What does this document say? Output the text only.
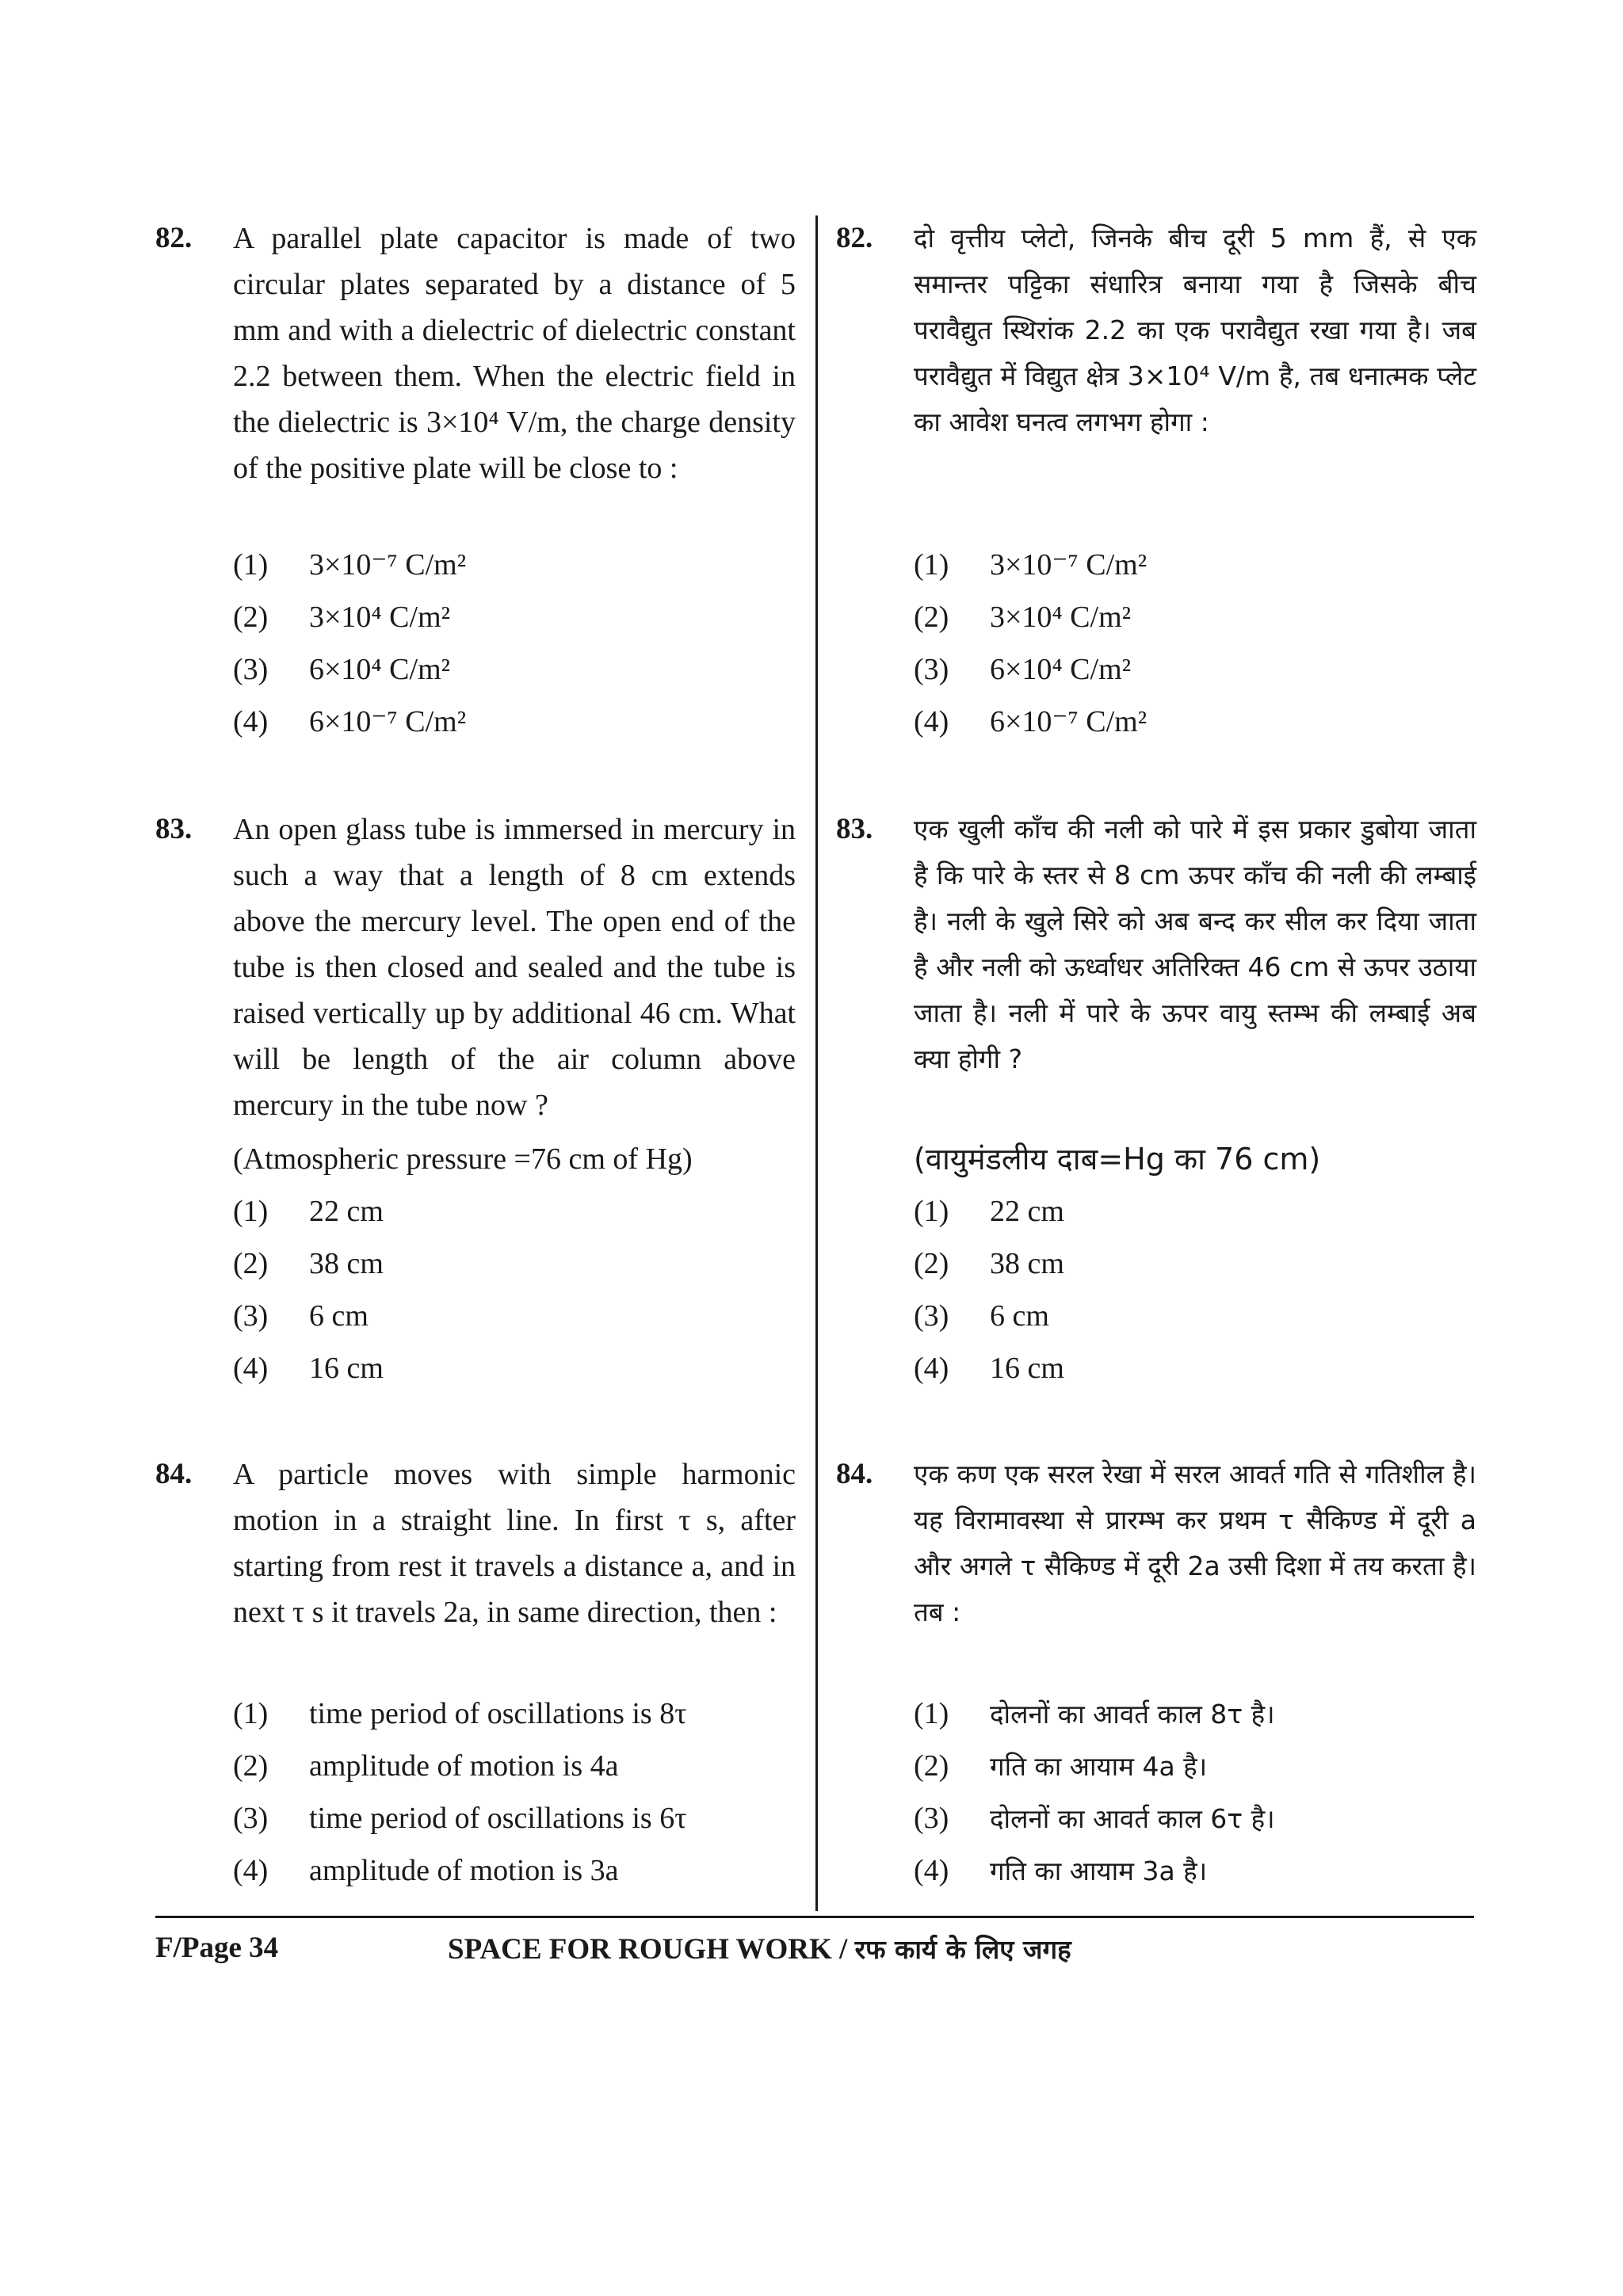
82. A parallel plate capacitor is made of two circular plates separated by a distance of 5 mm and with a dielectric of dielectric constant 2.2 between them. When the electric field in the dielectric is 3×10⁴ V/m, the charge density of the positive plate will be close to :

(1) 3×10⁻⁷ C/m²
(2) 3×10⁴ C/m²
(3) 6×10⁴ C/m²
(4) 6×10⁻⁷ C/m²
83. An open glass tube is immersed in mercury in such a way that a length of 8 cm extends above the mercury level. The open end of the tube is then closed and sealed and the tube is raised vertically up by additional 46 cm. What will be length of the air column above mercury in the tube now ?

(Atmospheric pressure =76 cm of Hg)
(1) 22 cm
(2) 38 cm
(3) 6 cm
(4) 16 cm
84. A particle moves with simple harmonic motion in a straight line. In first τ s, after starting from rest it travels a distance a, and in next τ s it travels 2a, in same direction, then :

(1) time period of oscillations is 8τ
(2) amplitude of motion is 4a
(3) time period of oscillations is 6τ
(4) amplitude of motion is 3a
82. दो वृत्तीय प्लेटो, जिनके बीच दूरी 5 mm हैं, से एक समान्तर पट्टिका संधारित्र बनाया गया है जिसके बीच परावैद्युत स्थिरांक 2.2 का एक परावैद्युत रखा गया है। जब परावैद्युत में विद्युत क्षेत्र 3×10⁴ V/m है, तब धनात्मक प्लेट का आवेश घनत्व लगभग होगा :

(1) 3×10⁻⁷ C/m²
(2) 3×10⁴ C/m²
(3) 6×10⁴ C/m²
(4) 6×10⁻⁷ C/m²
83. एक खुली काँच की नली को पारे में इस प्रकार डुबोया जाता है कि पारे के स्तर से 8 cm ऊपर काँच की नली की लम्बाई है। नली के खुले सिरे को अब बन्द कर सील कर दिया जाता है और नली को ऊर्ध्वाधर अतिरिक्त 46 cm से ऊपर उठाया जाता है। नली में पारे के ऊपर वायु स्तम्भ की लम्बाई अब क्या होगी ?

(वायुमंडलीय दाब=Hg का 76 cm)
(1) 22 cm
(2) 38 cm
(3) 6 cm
(4) 16 cm
84. एक कण एक सरल रेखा में सरल आवर्त गति से गतिशील है। यह विरामावस्था से प्रारम्भ कर प्रथम τ सैकिण्ड में दूरी a और अगले τ सैकिण्ड में दूरी 2a उसी दिशा में तय करता है। तब :

(1) दोलनों का आवर्त काल 8τ है।
(2) गति का आयाम 4a है।
(3) दोलनों का आवर्त काल 6τ है।
(4) गति का आयाम 3a है।
F/Page 34	SPACE FOR ROUGH WORK / रफ कार्य के लिए जगह
